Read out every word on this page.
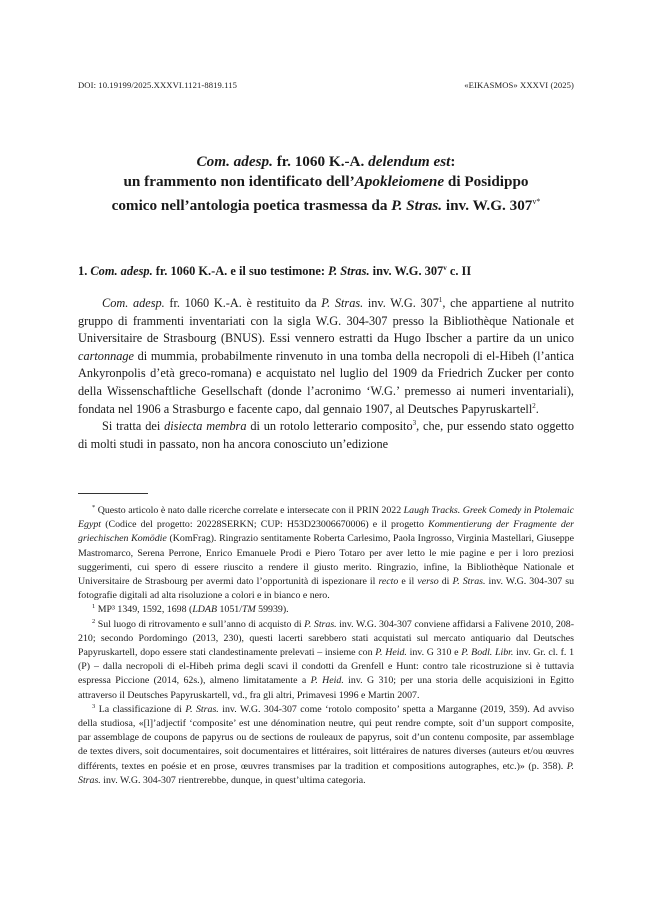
DOI: 10.19199/2025.XXXVI.1121-8819.115	«EIKASMOS» XXXVI (2025)
Com. adesp. fr. 1060 K.-A. delendum est:
un frammento non identificato dell’Apokleiomene di Posidippo
comico nell’antologia poetica trasmessa da P. Stras. inv. W.G. $307^{v*}$
1. Com. adesp. fr. 1060 K.-A. e il suo testimone: P. Stras. inv. W.G. 307$^v$ c. II

Com. adesp. fr. 1060 K.-A. è restituito da P. Stras. inv. W.G. $307^1$, che appartiene al nutrito gruppo di frammenti inventariati con la sigla W.G. 304-307 presso la Bibliothèque Nationale et Universitaire de Strasbourg (BNUS). Essi vennero estratti da Hugo Ibscher a partire da un unico cartonnage di mummia, probabilmente rinvenuto in una tomba della necropoli di el-Hibeh (l’antica Ankyronpolis d’età greco-romana) e acquistato nel luglio del 1909 da Friedrich Zucker per conto della Wissenschaftliche Gesellschaft (donde l’acronimo ‘W.G.’ premesso ai numeri inventariali), fondata nel 1906 a Strasburgo e facente capo, dal gennaio 1907, al Deutsches Papyruskartell$^2$.

Si tratta dei disiecta membra di un rotolo letterario composito$^3$, che, pur essendo stato oggetto di molti studi in passato, non ha ancora conosciuto un’edizione

* Questo articolo è nato dalle ricerche correlate e intersecate con il PRIN 2022 Laugh Tracks. Greek Comedy in Ptolemaic Egypt (Codice del progetto: 20228SERKN; CUP: H53D23006670006) e il progetto Kommentierung der Fragmente der griechischen Komödie (KomFrag). Ringrazio sentitamente Roberta Carlesimo, Paola Ingrosso, Virginia Mastellari, Giuseppe Mastromarco, Serena Perrone, Enrico Emanuele Prodi e Piero Totaro per aver letto le mie pagine e per i loro preziosi suggerimenti, cui spero di essere riuscito a rendere il giusto merito. Ringrazio, infine, la Bibliothèque Nationale et Universitaire de Strasbourg per avermi dato l’opportunità di ispezionare il recto e il verso di P. Stras. inv. W.G. 304-307 su fotografie digitali ad alta risoluzione a colori e in bianco e nero.

$^1$ MP³ 1349, 1592, 1698 (LDAB 1051/TM 59939).

$^2$ Sul luogo di ritrovamento e sull’anno di acquisto di P. Stras. inv. W.G. 304-307 conviene affidarsi a Falivene 2010, 208-210; secondo Pordomingo (2013, 230), questi lacerti sarebbero stati acquistati sul mercato antiquario dal Deutsches Papyruskartell, dopo essere stati clandestinamente prelevati – insieme con P. Heid. inv. G 310 e P. Bodl. Libr. inv. Gr. cl. f. 1 (P) – dalla necropoli di el-Hibeh prima degli scavi il condotti da Grenfell e Hunt: contro tale ricostruzione si è tuttavia espressa Piccione (2014, 62s.), almeno limitatamente a P. Heid. inv. G 310; per una storia delle acquisizioni in Egitto attraverso il Deutsches Papyruskartell, vd., fra gli altri, Primavesi 1996 e Martin 2007.

$^3$ La classificazione di P. Stras. inv. W.G. 304-307 come ‘rotolo composito’ spetta a Marganne (2019, 359). Ad avviso della studiosa, «[l]’adjectif ‘composite’ est une dénomination neutre, qui peut rendre compte, soit d’un support composite, par assemblage de coupons de papyrus ou de sections de rouleaux de papyrus, soit d’un contenu composite, par assemblage de textes divers, soit documentaires, soit documentaires et littéraires, soit littéraires de natures diverses (auteurs et/ou œuvres différents, textes en poésie et en prose, œuvres transmises par la tradition et compositions autographes, etc.)» (p. 358). P. Stras. inv. W.G. 304-307 rientrerebbe, dunque, in quest’ultima categoria.
